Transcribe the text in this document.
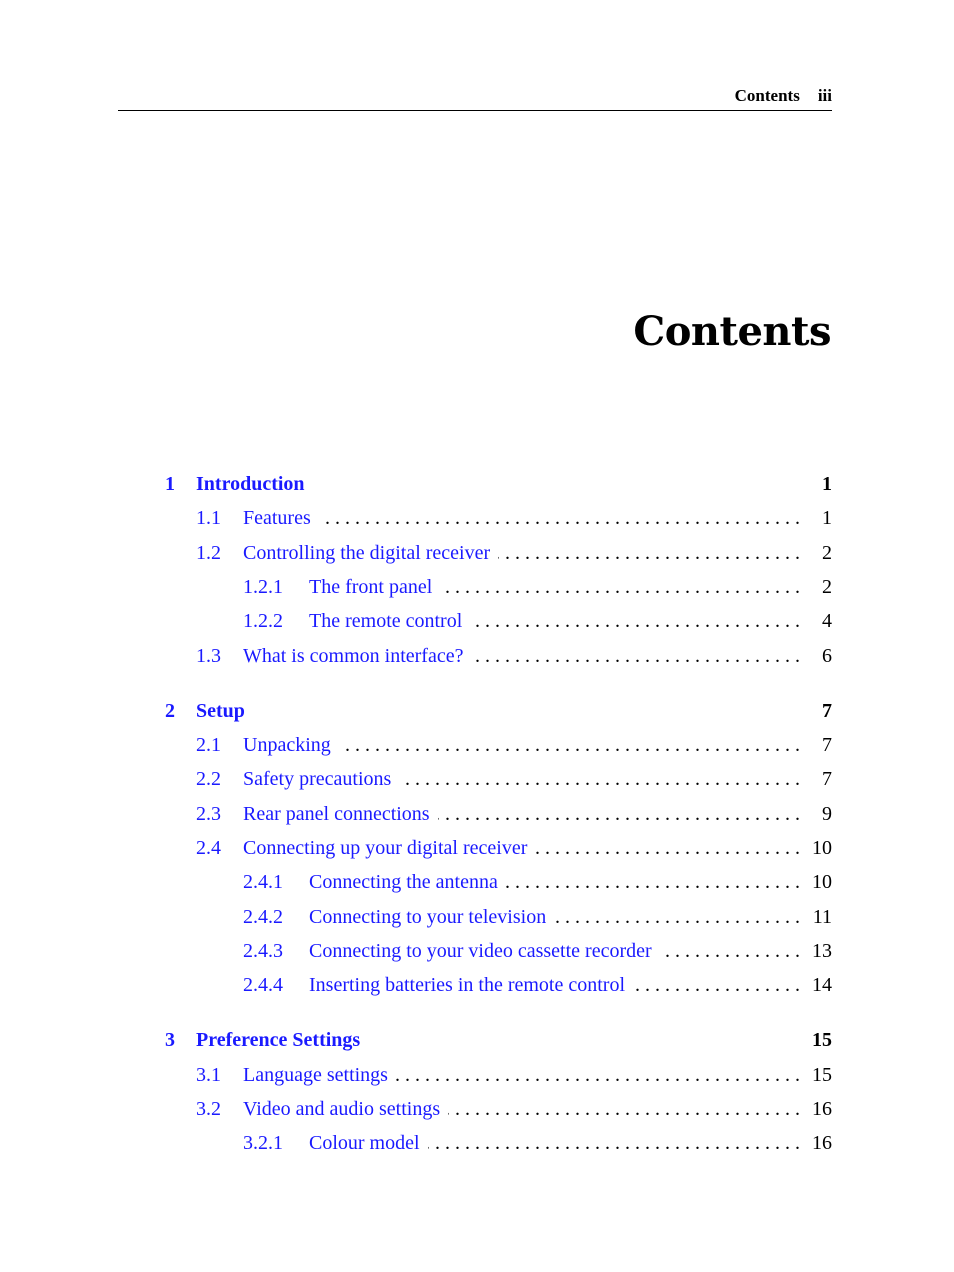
Contents iii
Contents
1 Introduction	1
. . .
1.1 Features	1
. . .
1.2 Controlling the digital receiver	2
. . .
1.2.1 The front panel	2
. . .
1.2.2 The remote control	4
. . .
1.3 What is common interface?	6
2 Setup	7
. . .
2.1 Unpacking	7
. . .
2.2 Safety precautions	7
. . .
2.3 Rear panel connections	9
. . .
2.4 Connecting up your digital receiver	10
. . .
2.4.1 Connecting the antenna	10
. . .
2.4.2 Connecting to your television	11
. . .
2.4.3 Connecting to your video cassette recorder	13
. . .
2.4.4 Inserting batteries in the remote control	14
3 Preference Settings	15
. . .
3.1 Language settings	15
. . .
3.2 Video and audio settings	16
. . .
3.2.1 Colour model	16
